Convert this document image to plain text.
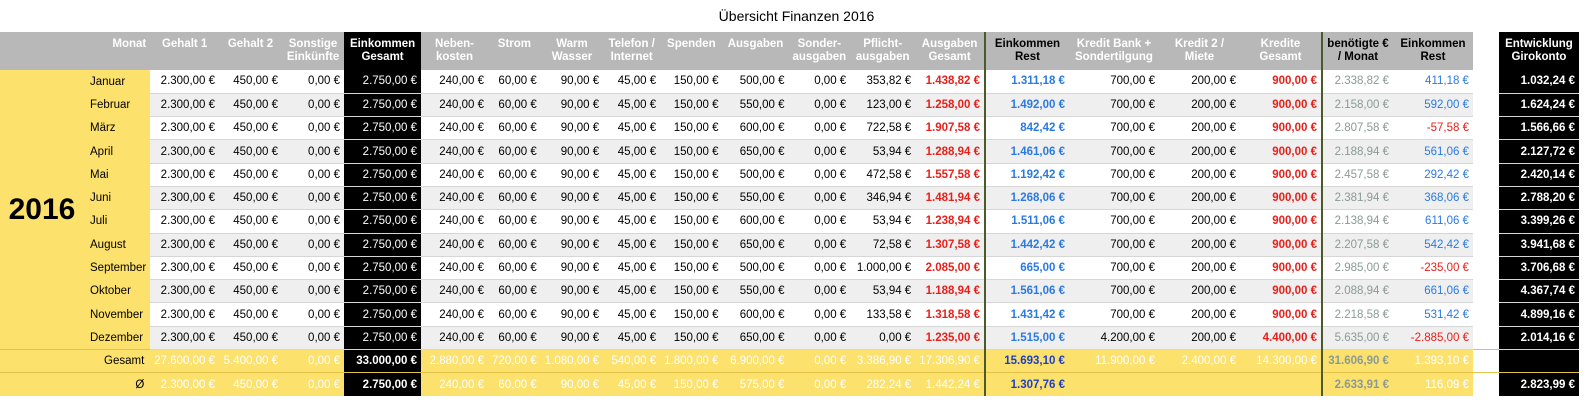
Übersicht Finanzen 2016
	Monat	Gehalt 1	Gehalt 2	Sonstige Einkünfte	Einkommen Gesamt	Neben- kosten	Strom	Warm Wasser	Telefon / Internet	Spenden	Ausgaben	Sonder- ausgaben	Pflicht- ausgaben	Ausgaben Gesamt	Einkommen Rest	Kredit Bank + Sondertilgung	Kredit 2 / Miete	Kredite Gesamt	benötigte € / Monat	Einkommen Rest		Entwicklung Girokonto
2016	Januar	2.300,00 €	450,00 €	0,00 €	2.750,00 €	240,00 €	60,00 €	90,00 €	45,00 €	150,00 €	500,00 €	0,00 €	353,82 €	1.438,82 €	1.311,18 €	700,00 €	200,00 €	900,00 €	2.338,82 €	411,18 €		1.032,24 €
	Februar	2.300,00 €	450,00 €	0,00 €	2.750,00 €	240,00 €	60,00 €	90,00 €	45,00 €	150,00 €	550,00 €	0,00 €	123,00 €	1.258,00 €	1.492,00 €	700,00 €	200,00 €	900,00 €	2.158,00 €	592,00 €		1.624,24 €
	März	2.300,00 €	450,00 €	0,00 €	2.750,00 €	240,00 €	60,00 €	90,00 €	45,00 €	150,00 €	600,00 €	0,00 €	722,58 €	1.907,58 €	842,42 €	700,00 €	200,00 €	900,00 €	2.807,58 €	-57,58 €		1.566,66 €
	April	2.300,00 €	450,00 €	0,00 €	2.750,00 €	240,00 €	60,00 €	90,00 €	45,00 €	150,00 €	650,00 €	0,00 €	53,94 €	1.288,94 €	1.461,06 €	700,00 €	200,00 €	900,00 €	2.188,94 €	561,06 €		2.127,72 €
	Mai	2.300,00 €	450,00 €	0,00 €	2.750,00 €	240,00 €	60,00 €	90,00 €	45,00 €	150,00 €	500,00 €	0,00 €	472,58 €	1.557,58 €	1.192,42 €	700,00 €	200,00 €	900,00 €	2.457,58 €	292,42 €		2.420,14 €
	Juni	2.300,00 €	450,00 €	0,00 €	2.750,00 €	240,00 €	60,00 €	90,00 €	45,00 €	150,00 €	550,00 €	0,00 €	346,94 €	1.481,94 €	1.268,06 €	700,00 €	200,00 €	900,00 €	2.381,94 €	368,06 €		2.788,20 €
	Juli	2.300,00 €	450,00 €	0,00 €	2.750,00 €	240,00 €	60,00 €	90,00 €	45,00 €	150,00 €	600,00 €	0,00 €	53,94 €	1.238,94 €	1.511,06 €	700,00 €	200,00 €	900,00 €	2.138,94 €	611,06 €		3.399,26 €
	August	2.300,00 €	450,00 €	0,00 €	2.750,00 €	240,00 €	60,00 €	90,00 €	45,00 €	150,00 €	650,00 €	0,00 €	72,58 €	1.307,58 €	1.442,42 €	700,00 €	200,00 €	900,00 €	2.207,58 €	542,42 €		3.941,68 €
	September	2.300,00 €	450,00 €	0,00 €	2.750,00 €	240,00 €	60,00 €	90,00 €	45,00 €	150,00 €	500,00 €	0,00 €	1.000,00 €	2.085,00 €	665,00 €	700,00 €	200,00 €	900,00 €	2.985,00 €	-235,00 €		3.706,68 €
	Oktober	2.300,00 €	450,00 €	0,00 €	2.750,00 €	240,00 €	60,00 €	90,00 €	45,00 €	150,00 €	550,00 €	0,00 €	53,94 €	1.188,94 €	1.561,06 €	700,00 €	200,00 €	900,00 €	2.088,94 €	661,06 €		4.367,74 €
	November	2.300,00 €	450,00 €	0,00 €	2.750,00 €	240,00 €	60,00 €	90,00 €	45,00 €	150,00 €	600,00 €	0,00 €	133,58 €	1.318,58 €	1.431,42 €	700,00 €	200,00 €	900,00 €	2.218,58 €	531,42 €		4.899,16 €
	Dezember	2.300,00 €	450,00 €	0,00 €	2.750,00 €	240,00 €	60,00 €	90,00 €	45,00 €	150,00 €	650,00 €	0,00 €	0,00 €	1.235,00 €	1.515,00 €	4.200,00 €	200,00 €	4.400,00 €	5.635,00 €	-2.885,00 €		2.014,16 €
	Gesamt	27.600,00 €	5.400,00 €	0,00 €	33.000,00 €	2.880,00 €	720,00 €	1.080,00 €	540,00 €	1.800,00 €	6.900,00 €	0,00 €	3.386,90 €	17.306,90 €	15.693,10 €	11.900,00 €	2.400,00 €	14.300,00 €	31.606,90 €	1.393,10 €		
	Ø	2.300,00 €	450,00 €	0,00 €	2.750,00 €	240,00 €	60,00 €	90,00 €	45,00 €	150,00 €	575,00 €	0,00 €	282,24 €	1.442,24 €	1.307,76 €				2.633,91 €	116,09 €		2.823,99 €
